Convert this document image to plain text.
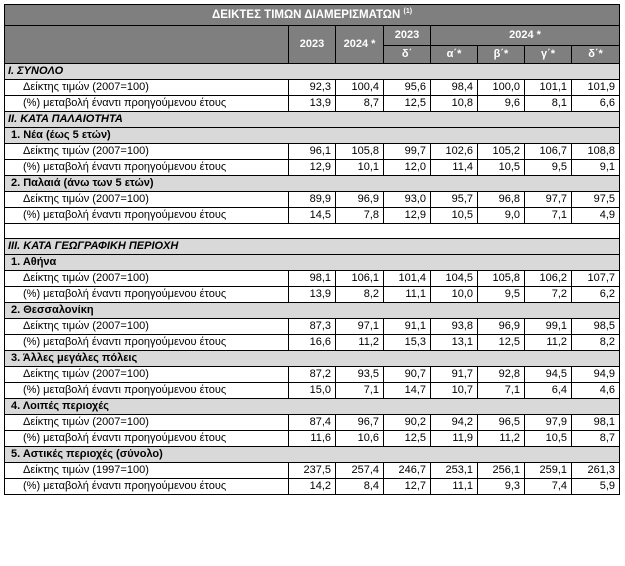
ΔΕΙΚΤΕΣ ΤΙΜΩΝ ΔΙΑΜΕΡΙΣΜΑΤΩΝ $^{(1)}$
	2023	2024 *	2023	2024 *			
			δ΄	α΄*	β΄*	γ΄*	δ΄*
Ι. ΣΥΝΟΛΟ							
Δείκτης τιμών (2007=100)	92,3	100,4	95,6	98,4	100,0	101,1	101,9
(%) μεταβολή έναντι προηγούμενου έτους	13,9	8,7	12,5	10,8	9,6	8,1	6,6
ΙΙ. ΚΑΤΑ ΠΑΛΑΙΟΤΗΤΑ							
1. Νέα (έως 5 ετών)							
Δείκτης τιμών (2007=100)	96,1	105,8	99,7	102,6	105,2	106,7	108,8
(%) μεταβολή έναντι προηγούμενου έτους	12,9	10,1	12,0	11,4	10,5	9,5	9,1
2. Παλαιά (άνω των 5 ετών)							
Δείκτης τιμών (2007=100)	89,9	96,9	93,0	95,7	96,8	97,7	97,5
(%) μεταβολή έναντι προηγούμενου έτους	14,5	7,8	12,9	10,5	9,0	7,1	4,9

ΙΙΙ. ΚΑΤΑ ΓΕΩΓΡΑΦΙΚΗ ΠΕΡΙΟΧΗ							
1. Αθήνα							
Δείκτης τιμών (2007=100)	98,1	106,1	101,4	104,5	105,8	106,2	107,7
(%) μεταβολή έναντι προηγούμενου έτους	13,9	8,2	11,1	10,0	9,5	7,2	6,2
2. Θεσσαλονίκη							
Δείκτης τιμών (2007=100)	87,3	97,1	91,1	93,8	96,9	99,1	98,5
(%) μεταβολή έναντι προηγούμενου έτους	16,6	11,2	15,3	13,1	12,5	11,2	8,2
3. Άλλες μεγάλες πόλεις							
Δείκτης τιμών (2007=100)	87,2	93,5	90,7	91,7	92,8	94,5	94,9
(%) μεταβολή έναντι προηγούμενου έτους	15,0	7,1	14,7	10,7	7,1	6,4	4,6
4. Λοιπές περιοχές							
Δείκτης τιμών (2007=100)	87,4	96,7	90,2	94,2	96,5	97,9	98,1
(%) μεταβολή έναντι προηγούμενου έτους	11,6	10,6	12,5	11,9	11,2	10,5	8,7
5. Αστικές περιοχές (σύνολο)							
Δείκτης τιμών (1997=100)	237,5	257,4	246,7	253,1	256,1	259,1	261,3
(%) μεταβολή έναντι προηγούμενου έτους	14,2	8,4	12,7	11,1	9,3	7,4	5,9
